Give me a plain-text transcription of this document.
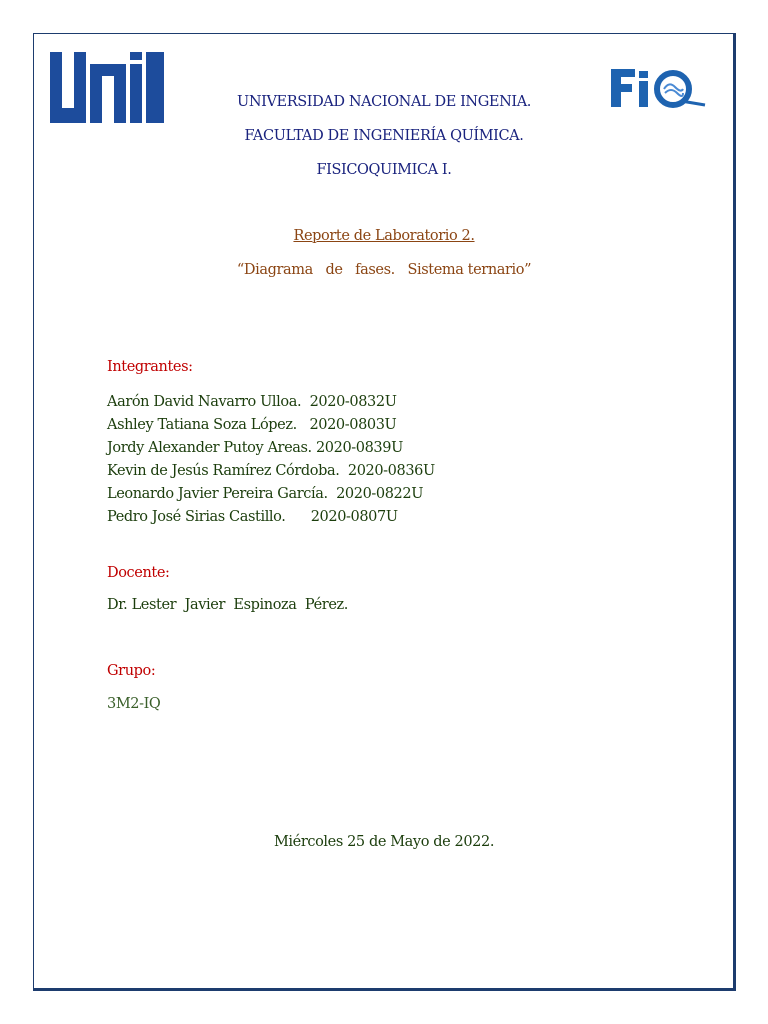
UNIVERSIDAD NACIONAL DE INGENIA.
FACULTAD DE INGENIERÍA QUÍMICA.
FISICOQUIMICA I.
Reporte de Laboratorio 2.
“Diagrama   de   fases.   Sistema ternario”
Integrantes:
Aarón David Navarro Ulloa. 2020-0832U
Ashley Tatiana Soza López. 2020-0803U
Jordy Alexander Putoy Areas. 2020-0839U
Kevin de Jesús Ramírez Córdoba. 2020-0836U
Leonardo Javier Pereira García. 2020-0822U
Pedro José Sirias Castillo. 2020-0807U
Docente:
Dr. Lester  Javier  Espinoza  Pérez.
Grupo:
3M2-IQ
Miércoles 25 de Mayo de 2022.
